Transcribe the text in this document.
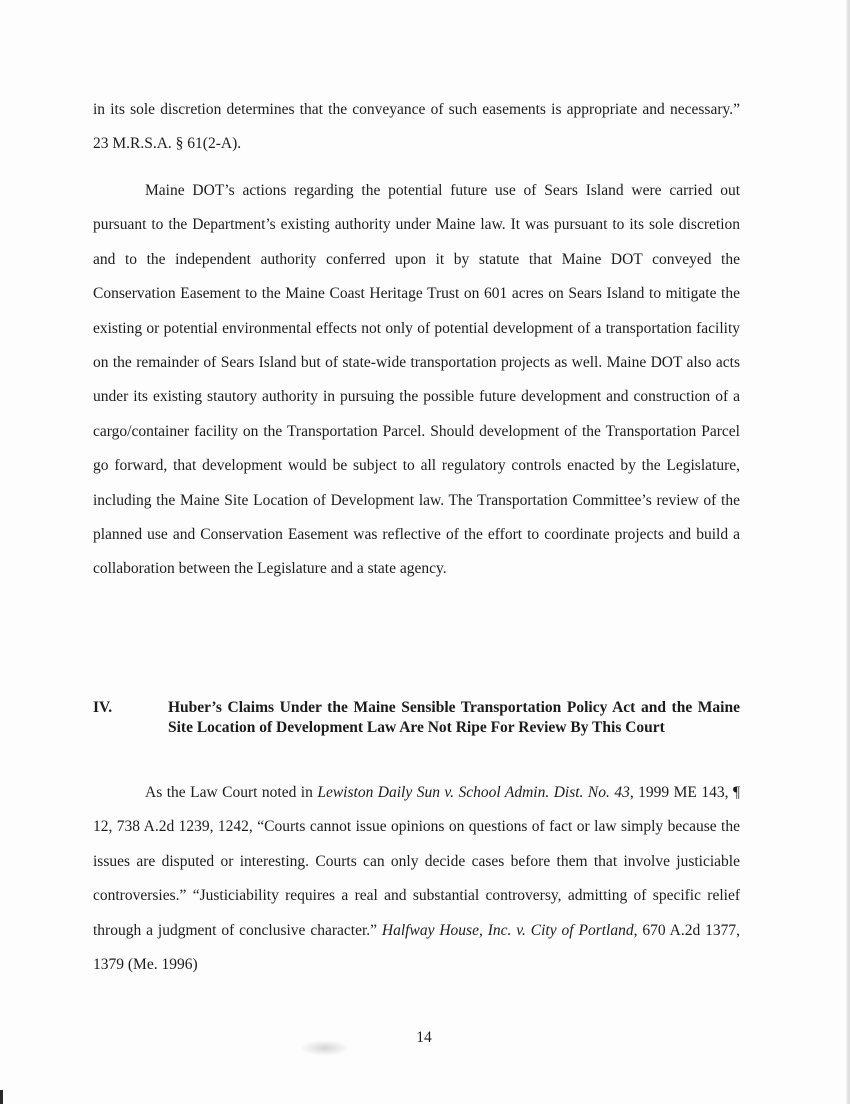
in its sole discretion determines that the conveyance of such easements is appropriate and necessary.” 23 M.R.S.A. § 61(2-A).

Maine DOT’s actions regarding the potential future use of Sears Island were carried out pursuant to the Department’s existing authority under Maine law. It was pursuant to its sole discretion and to the independent authority conferred upon it by statute that Maine DOT conveyed the Conservation Easement to the Maine Coast Heritage Trust on 601 acres on Sears Island to mitigate the existing or potential environmental effects not only of potential development of a transportation facility on the remainder of Sears Island but of state-wide transportation projects as well. Maine DOT also acts under its existing stautory authority in pursuing the possible future development and construction of a cargo/container facility on the Transportation Parcel. Should development of the Transportation Parcel go forward, that development would be subject to all regulatory controls enacted by the Legislature, including the Maine Site Location of Development law. The Transportation Committee’s review of the planned use and Conservation Easement was reflective of the effort to coordinate projects and build a collaboration between the Legislature and a state agency.

IV.	Huber’s Claims Under the Maine Sensible Transportation Policy Act and the Maine Site Location of Development Law Are Not Ripe For Review By This Court

As the Law Court noted in Lewiston Daily Sun v. School Admin. Dist. No. 43, 1999 ME 143, ¶ 12, 738 A.2d 1239, 1242, “Courts cannot issue opinions on questions of fact or law simply because the issues are disputed or interesting. Courts can only decide cases before them that involve justiciable controversies.” “Justiciability requires a real and substantial controversy, admitting of specific relief through a judgment of conclusive character.” Halfway House, Inc. v. City of Portland, 670 A.2d 1377, 1379 (Me. 1996)

14
